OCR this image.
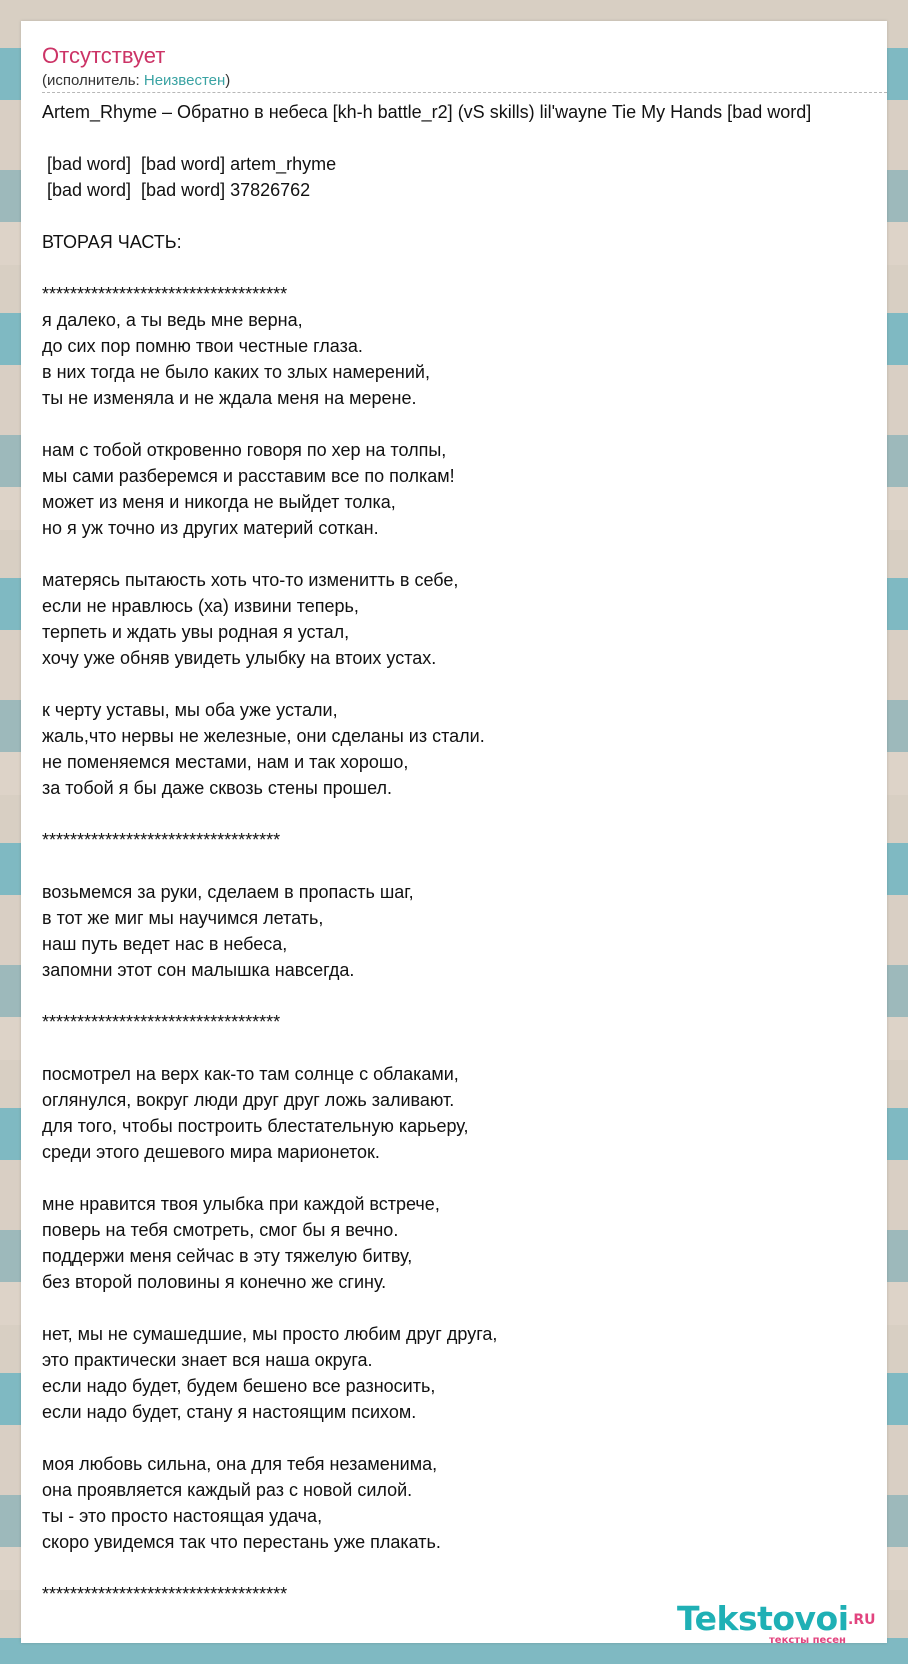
Отсутствует
(исполнитель: Неизвестен)
Artem_Rhyme – Обратно в небеса [kh-h battle_r2] (vS skills) lil'wayne Tie My Hands [bad word]

[bad word]  [bad word] artem_rhyme
[bad word]  [bad word] 37826762

ВТОРАЯ ЧАСТЬ:

***********************************
я далеко, а ты ведь мне верна,
до сих пор помню твои честные глаза.
в них тогда не было каких то злых намерений,
ты не изменяла и не ждала меня на мерене.

нам с тобой откровенно говоря по хер на толпы,
мы сами разберемся и расставим все по полкам!
может из меня и никогда не выйдет толка,
но я уж точно из других материй соткан.

матерясь пытаюсть хоть что-то изменитть в себе,
если не нравлюсь (ха) извини теперь,
терпеть и ждать увы родная я устал,
хочу уже обняв увидеть улыбку на втоих устах.

к черту уставы, мы оба уже устали,
жаль,что нервы не железные, они сделаны из стали.
не поменяемся местами, нам и так хорошо,
за тобой я бы даже сквозь стены прошел.

**********************************

возьмемся за руки, сделаем в пропасть шаг,
в тот же миг мы научимся летать,
наш путь ведет нас в небеса,
запомни этот сон малышка навсегда.

**********************************

посмотрел на верх как-то там солнце с облаками,
оглянулся, вокруг люди друг друг ложь заливают.
для того, чтобы построить блестательную карьеру,
среди этого дешевого мира марионеток.

мне нравится твоя улыбка при каждой встрече,
поверь на тебя смотреть, смог бы я вечно.
поддержи меня сейчас в эту тяжелую битву,
без второй половины я конечно же сгину.

нет, мы не сумашедшие, мы просто любим друг друга,
это практически знает вся наша округа.
если надо будет, будем бешено все разносить,
если надо будет, стану я настоящим психом.

моя любовь сильна, она для тебя незаменима,
она проявляется каждый раз с новой силой.
ты - это просто настоящая удача,
скоро увидемся так что перестань уже плакать.

***********************************
Tekstovoi .RU
тексты песен
